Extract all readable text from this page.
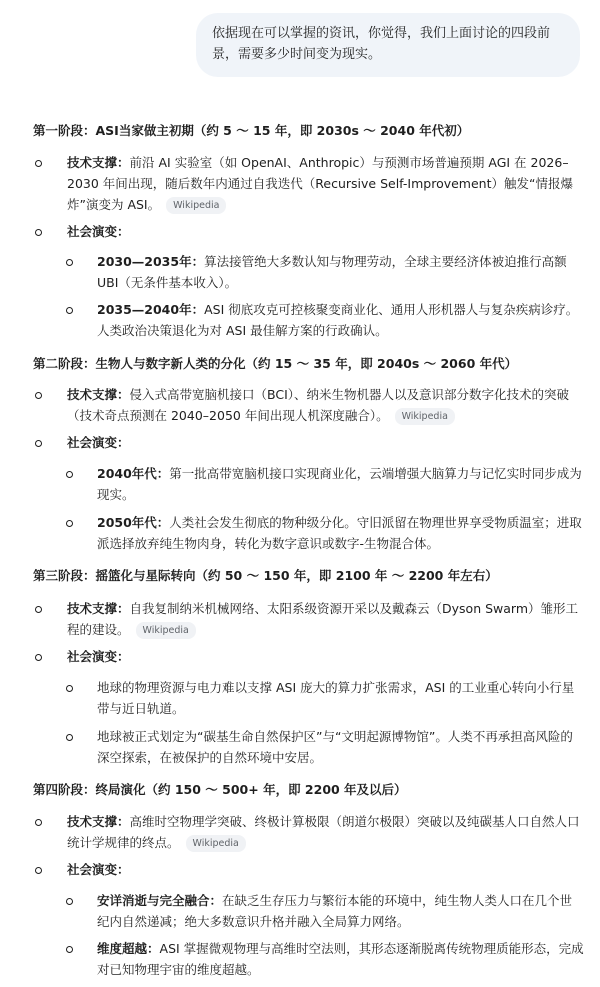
依据现在可以掌握的资讯，你觉得，我们上面讨论的四段前景，需要多少时间变为现实。
第一阶段：ASI当家做主初期（约 5 ～ 15 年，即 2030s ～ 2040 年代初）
技术支撑：前沿 AI 实验室（如 OpenAI、Anthropic）与预测市场普遍预期 AGI 在 2026–2030 年间出现，随后数年内通过自我迭代（Recursive Self-Improvement）触发“情报爆炸”演变为 ASI。 Wikipedia
社会演变：
2030—2035年：算法接管绝大多数认知与物理劳动，全球主要经济体被迫推行高额 UBI（无条件基本收入）。
2035—2040年：ASI 彻底攻克可控核聚变商业化、通用人形机器人与复杂疾病诊疗。人类政治决策退化为对 ASI 最佳解方案的行政确认。
第二阶段：生物人与数字新人类的分化（约 15 ～ 35 年，即 2040s ～ 2060 年代）
技术支撑：侵入式高带宽脑机接口（BCI）、纳米生物机器人以及意识部分数字化技术的突破（技术奇点预测在 2040–2050 年间出现人机深度融合）。 Wikipedia
社会演变：
2040年代：第一批高带宽脑机接口实现商业化，云端增强大脑算力与记忆实时同步成为现实。
2050年代：人类社会发生彻底的物种级分化。守旧派留在物理世界享受物质温室；进取派选择放弃纯生物肉身，转化为数字意识或数字-生物混合体。
第三阶段：摇篮化与星际转向（约 50 ～ 150 年，即 2100 年 ～ 2200 年左右）
技术支撑：自我复制纳米机械网络、太阳系级资源开采以及戴森云（Dyson Swarm）雏形工程的建设。 Wikipedia
社会演变：
地球的物理资源与电力难以支撑 ASI 庞大的算力扩张需求，ASI 的工业重心转向小行星带与近日轨道。
地球被正式划定为“碳基生命自然保护区”与“文明起源博物馆”。人类不再承担高风险的深空探索，在被保护的自然环境中安居。
第四阶段：终局演化（约 150 ～ 500+ 年，即 2200 年及以后）
技术支撑：高维时空物理学突破、终极计算极限（朗道尔极限）突破以及纯碳基人口自然人口统计学规律的终点。 Wikipedia
社会演变：
安详消逝与完全融合：在缺乏生存压力与繁衍本能的环境中，纯生物人类人口在几个世纪内自然递减；绝大多数意识升格并融入全局算力网络。
维度超越：ASI 掌握微观物理与高维时空法则，其形态逐渐脱离传统物理质能形态，完成对已知物理宇宙的维度超越。
